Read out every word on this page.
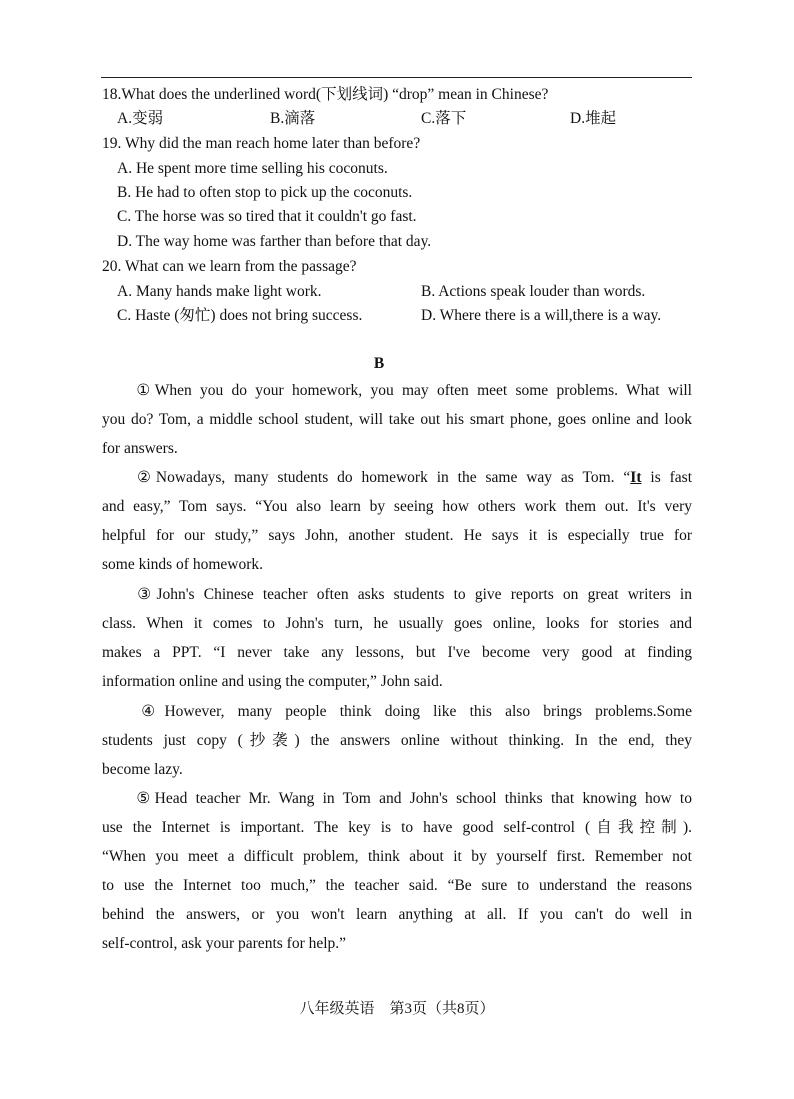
18.What does the underlined word(下划线词) “drop” mean in Chinese?
A.变弱	B.滴落	C.落下	D.堆起
19. Why did the man reach home later than before?
A. He spent more time selling his coconuts.
B. He had to often stop to pick up the coconuts.
C. The horse was so tired that it couldn't go fast.
D. The way home was farther than before that day.
20. What can we learn from the passage?
A. Many hands make light work.	B. Actions speak louder than words.
C. Haste (匆忙) does not bring success.	D. Where there is a will,there is a way.
B

①When you do your homework, you may often meet some problems. What will

you do? Tom, a middle school student, will take out his smart phone, goes online and look

for answers.

②Nowadays, many students do homework in the same way as Tom. “It is fast

and easy,” Tom says. “You also learn by seeing how others work them out. It's very

helpful for our study,” says John, another student. He says it is especially true for

some kinds of homework.

③John's Chinese teacher often asks students to give reports on great writers in

class. When it comes to John's turn, he usually goes online, looks for stories and

makes a PPT. “I never take any lessons, but I've become very good at finding

information online and using the computer,” John said.

④However, many people think doing like this also brings problems.Some

students just copy (抄袭) the answers online without thinking. In the end, they

become lazy.

⑤Head teacher Mr. Wang in Tom and John's school thinks that knowing how to

use the Internet is important. The key is to have good self-control (自我控制).

“When you meet a difficult problem, think about it by yourself first. Remember not

to use the Internet too much,” the teacher said. “Be sure to understand the reasons

behind the answers, or you won't learn anything at all. If you can't do well in

self-control, ask your parents for help.”

八年级英语　第3页（共8页）
